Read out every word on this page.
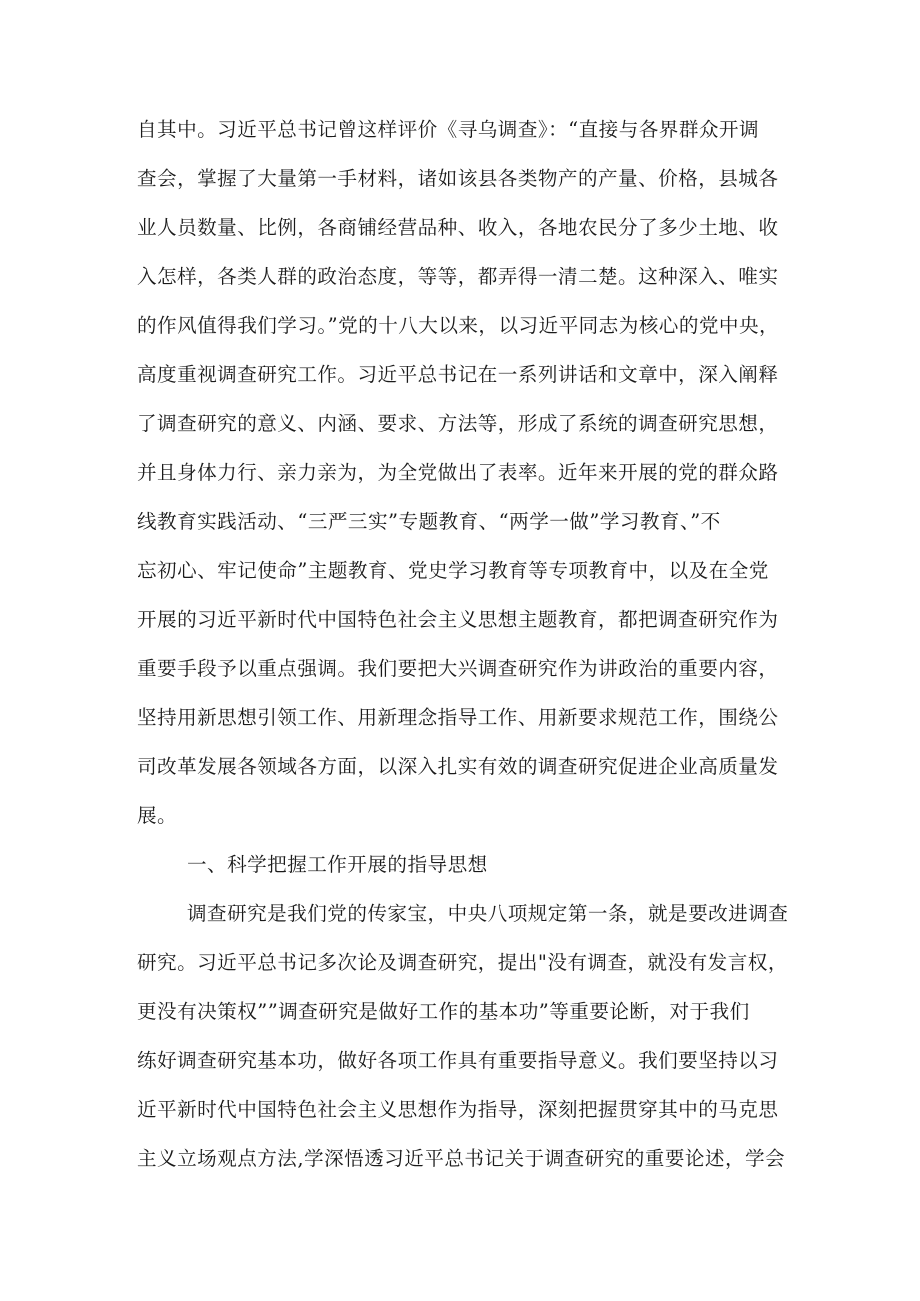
自其中。习近平总书记曾这样评价《寻乌调查》：“直接与各界群众开调
查会，掌握了大量第一手材料，诸如该县各类物产的产量、价格，县城各
业人员数量、比例，各商铺经营品种、收入，各地农民分了多少土地、收
入怎样，各类人群的政治态度，等等，都弄得一清二楚。这种深入、唯实
的作风值得我们学习。”党的十八大以来，以习近平同志为核心的党中央，
高度重视调查研究工作。习近平总书记在一系列讲话和文章中，深入阐释
了调查研究的意义、内涵、要求、方法等，形成了系统的调查研究思想，
并且身体力行、亲力亲为，为全党做出了表率。近年来开展的党的群众路
线教育实践活动、“三严三实”专题教育、“两学一做”学习教育、”不
忘初心、牢记使命”主题教育、党史学习教育等专项教育中，以及在全党
开展的习近平新时代中国特色社会主义思想主题教育，都把调查研究作为
重要手段予以重点强调。我们要把大兴调查研究作为讲政治的重要内容，
坚持用新思想引领工作、用新理念指导工作、用新要求规范工作，围绕公
司改革发展各领域各方面，以深入扎实有效的调查研究促进企业高质量发
展。
一、科学把握工作开展的指导思想
调查研究是我们党的传家宝，中央八项规定第一条，就是要改进调查
研究。习近平总书记多次论及调查研究，提出"没有调查，就没有发言权，
更没有决策权””调查研究是做好工作的基本功”等重要论断，对于我们
练好调查研究基本功，做好各项工作具有重要指导意义。我们要坚持以习
近平新时代中国特色社会主义思想作为指导，深刻把握贯穿其中的马克思
主义立场观点方法,学深悟透习近平总书记关于调查研究的重要论述，学会
